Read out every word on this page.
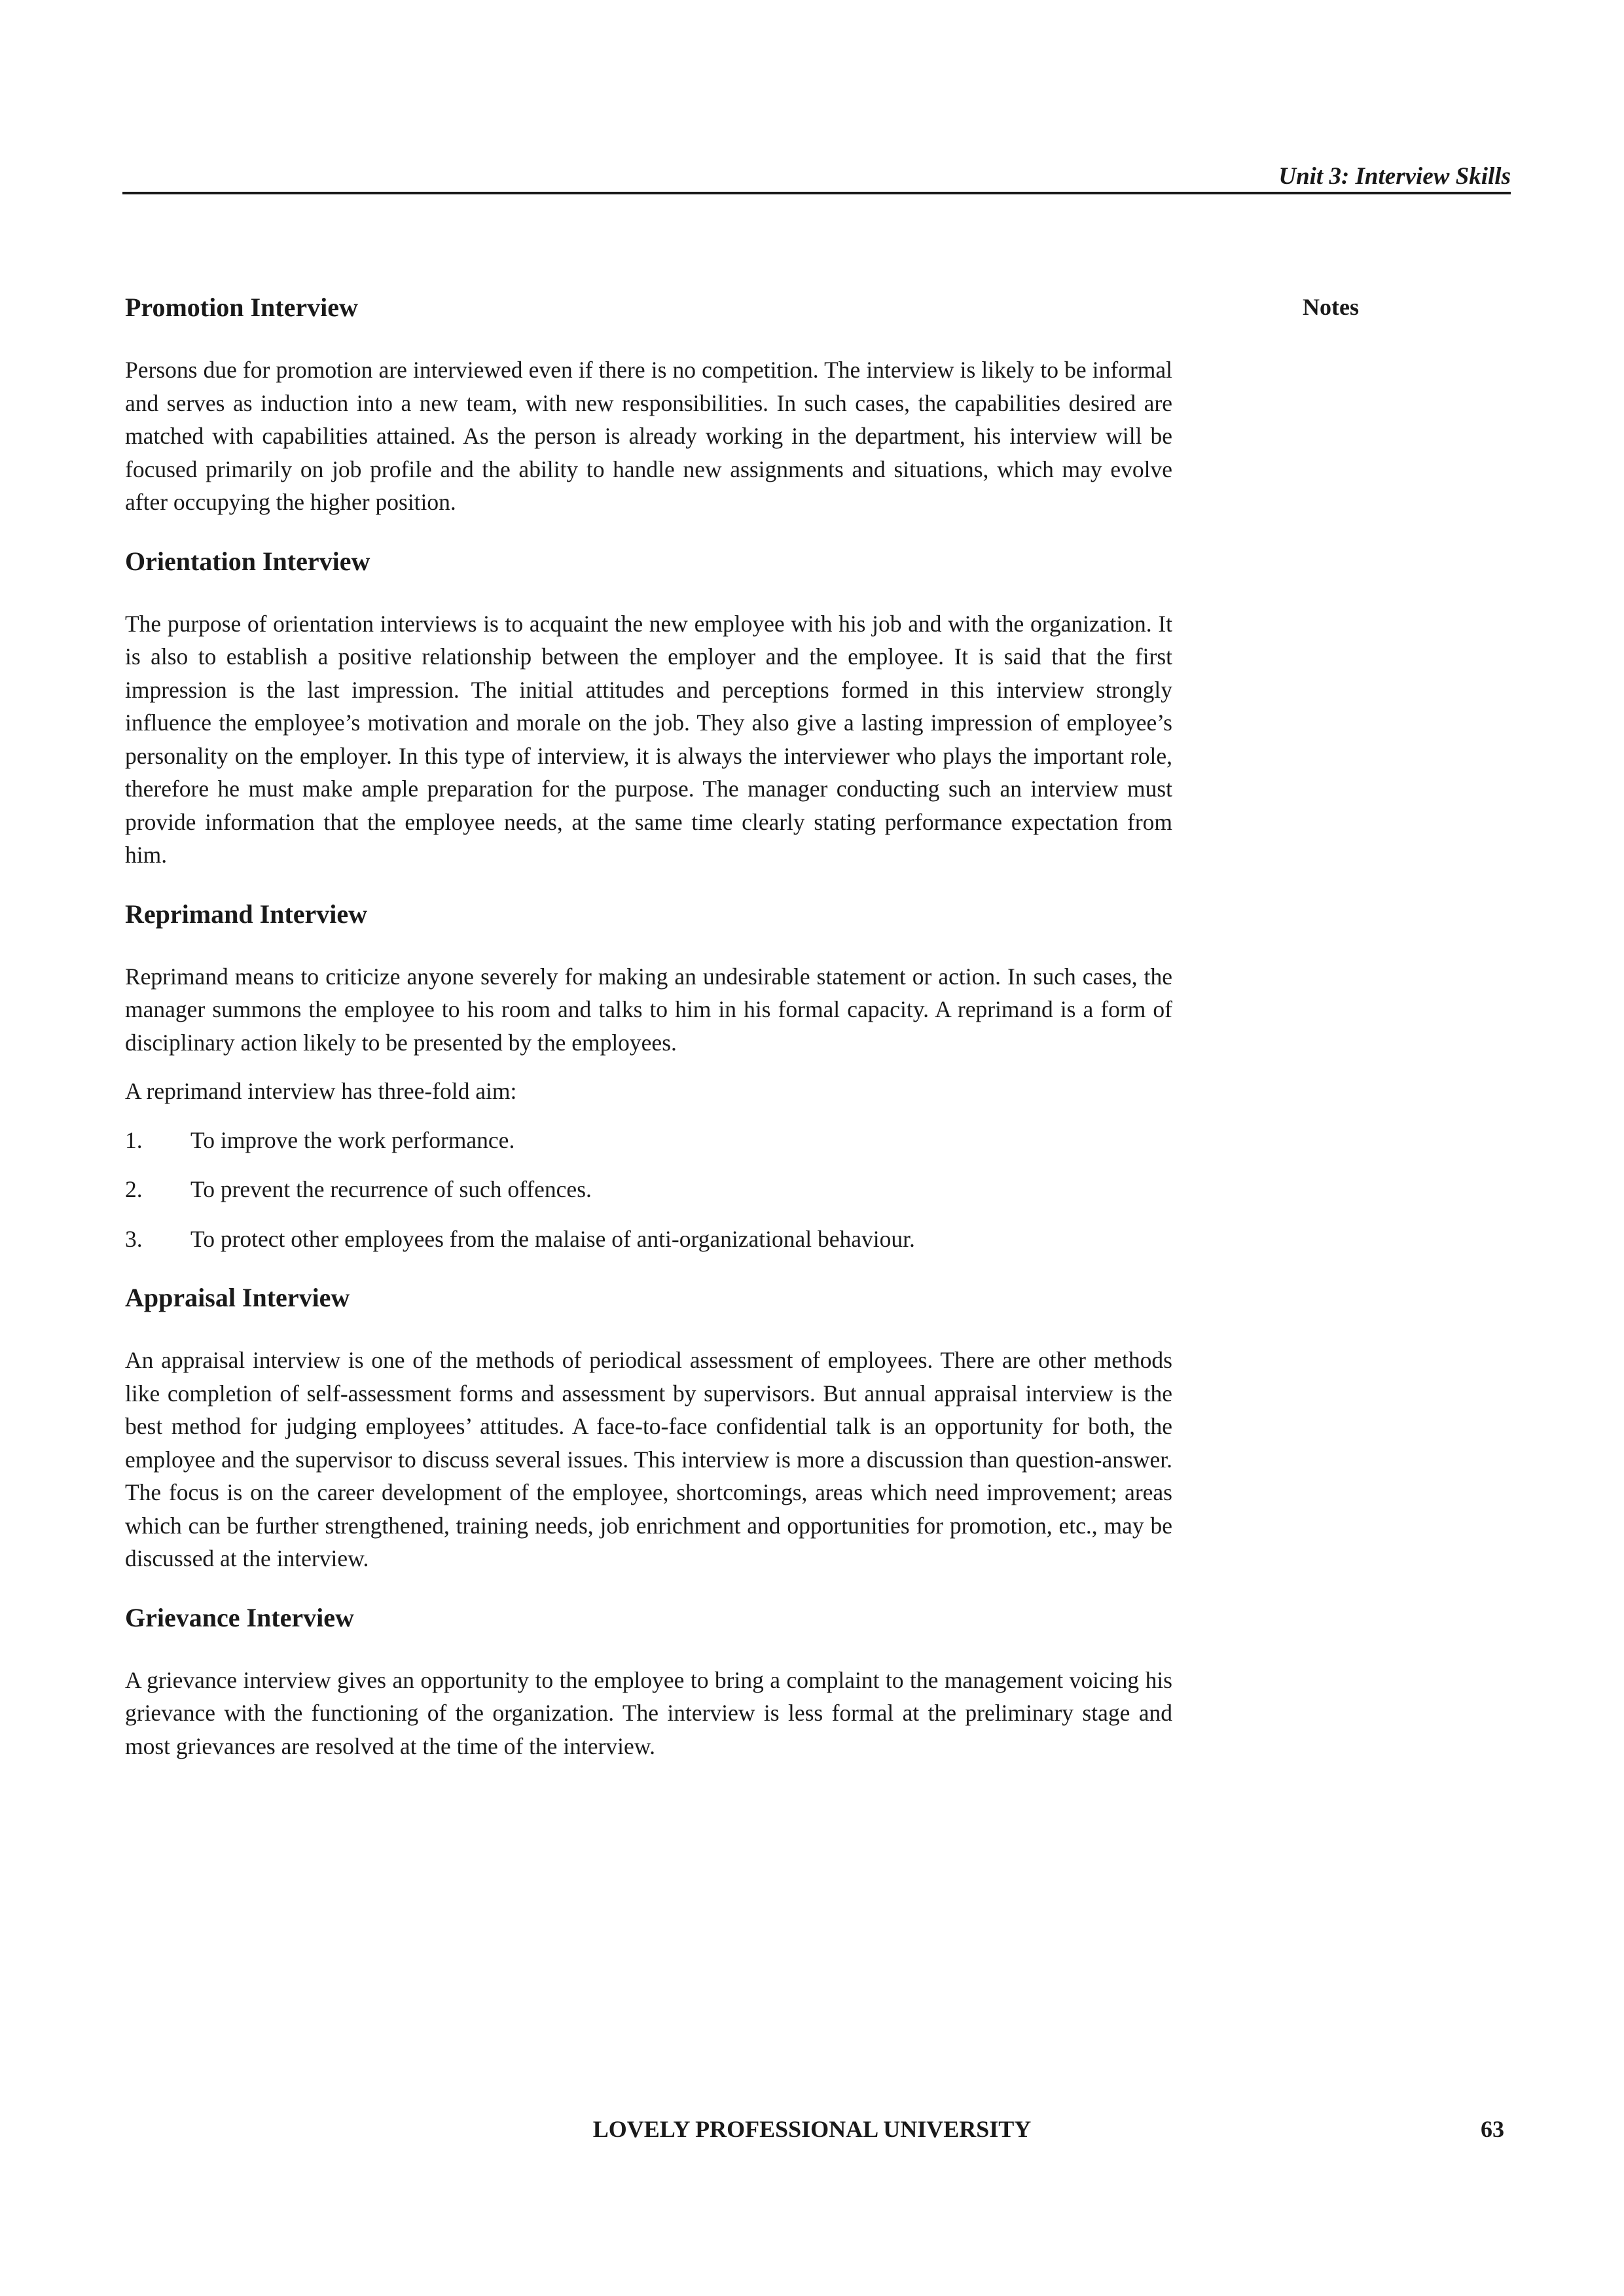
Unit 3: Interview Skills
Notes
Promotion Interview

Persons due for promotion are interviewed even if there is no competition. The interview is likely to be informal and serves as induction into a new team, with new responsibilities. In such cases, the capabilities desired are matched with capabilities attained. As the person is already working in the department, his interview will be focused primarily on job profile and the ability to handle new assignments and situations, which may evolve after occupying the higher position.

Orientation Interview

The purpose of orientation interviews is to acquaint the new employee with his job and with the organization. It is also to establish a positive relationship between the employer and the employee. It is said that the first impression is the last impression. The initial attitudes and perceptions formed in this interview strongly influence the employee’s motivation and morale on the job. They also give a lasting impression of employee’s personality on the employer. In this type of interview, it is always the interviewer who plays the important role, therefore he must make ample preparation for the purpose. The manager conducting such an interview must provide information that the employee needs, at the same time clearly stating performance expectation from him.

Reprimand Interview

Reprimand means to criticize anyone severely for making an undesirable statement or action. In such cases, the manager summons the employee to his room and talks to him in his formal capacity. A reprimand is a form of disciplinary action likely to be presented by the employees.

A reprimand interview has three-fold aim:

1.	To improve the work performance.
2.	To prevent the recurrence of such offences.
3.	To protect other employees from the malaise of anti-organizational behaviour.
Appraisal Interview

An appraisal interview is one of the methods of periodical assessment of employees. There are other methods like completion of self-assessment forms and assessment by supervisors. But annual appraisal interview is the best method for judging employees’ attitudes. A face-to-face confidential talk is an opportunity for both, the employee and the supervisor to discuss several issues. This interview is more a discussion than question-answer. The focus is on the career development of the employee, shortcomings, areas which need improvement; areas which can be further strengthened, training needs, job enrichment and opportunities for promotion, etc., may be discussed at the interview.

Grievance Interview

A grievance interview gives an opportunity to the employee to bring a complaint to the management voicing his grievance with the functioning of the organization. The interview is less formal at the preliminary stage and most grievances are resolved at the time of the interview.

LOVELY PROFESSIONAL UNIVERSITY	63
